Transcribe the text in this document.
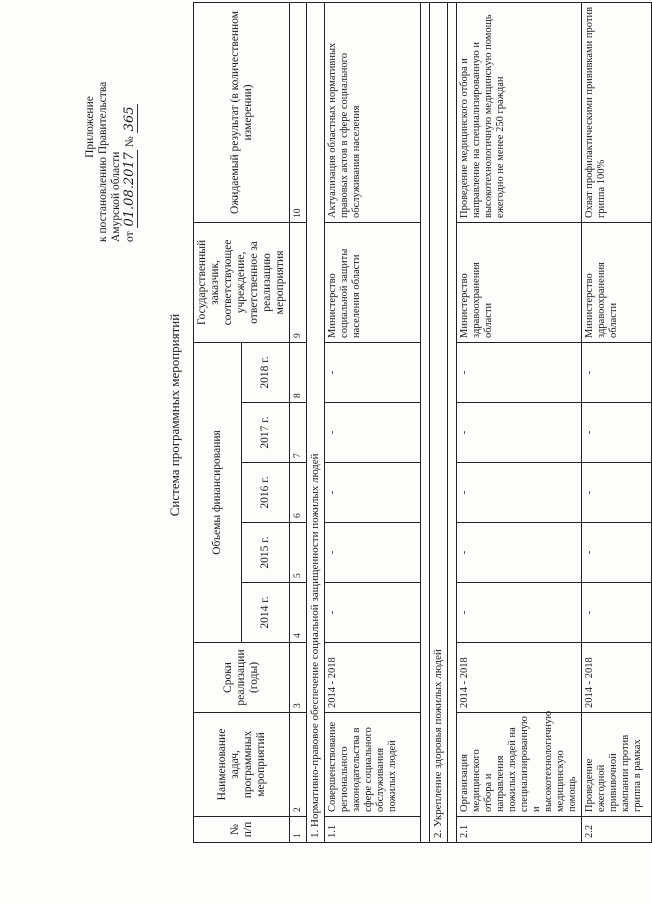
Приложение к постановлению Правительства
Амурской области от 01.08.2017 № 365
Система программных мероприятий
№ п/п	Наименование задач, программных мероприятий	Сроки реализации (годы)	Объемы финансирования					Государственный заказчик, соответствующее учреждение, ответственное за реализацию мероприятия	Ожидаемый результат (в количественном измерении)
			2014 г.	2015 г.	2016 г.	2017 г.	2018 г.		
1	2	3	4	5	6	7	8	9	10
1. Нормативно-правовое обеспечение социальной защищенности пожилых людей									
1.1	Совершенствование регионального законодательства в сфере социального обслуживания пожилых людей	2014 - 2018	-	-	-	-	-	Министерство социальной защиты населения области	Актуализация областных нормативных правовых актов в сфере социального обслуживания населения

2. Укрепление здоровья пожилых людей									

2.1	Организация медицинского отбора и направления пожилых людей на специализированную и высокотехнологичную медицинскую помощь	2014 - 2018	-	-	-	-	-	Министерство здравоохранения области	Проведение медицинского отбора и направление на специализированную и высокотехнологичную медицинскую помощь ежегодно не менее 250 граждан
2.2	Проведение ежегодной прививочной кампании против гриппа в рамках	2014 - 2018	-	-	-	-	-	Министерство здравоохранения области	Охват профилактическими прививками против гриппа 100%
